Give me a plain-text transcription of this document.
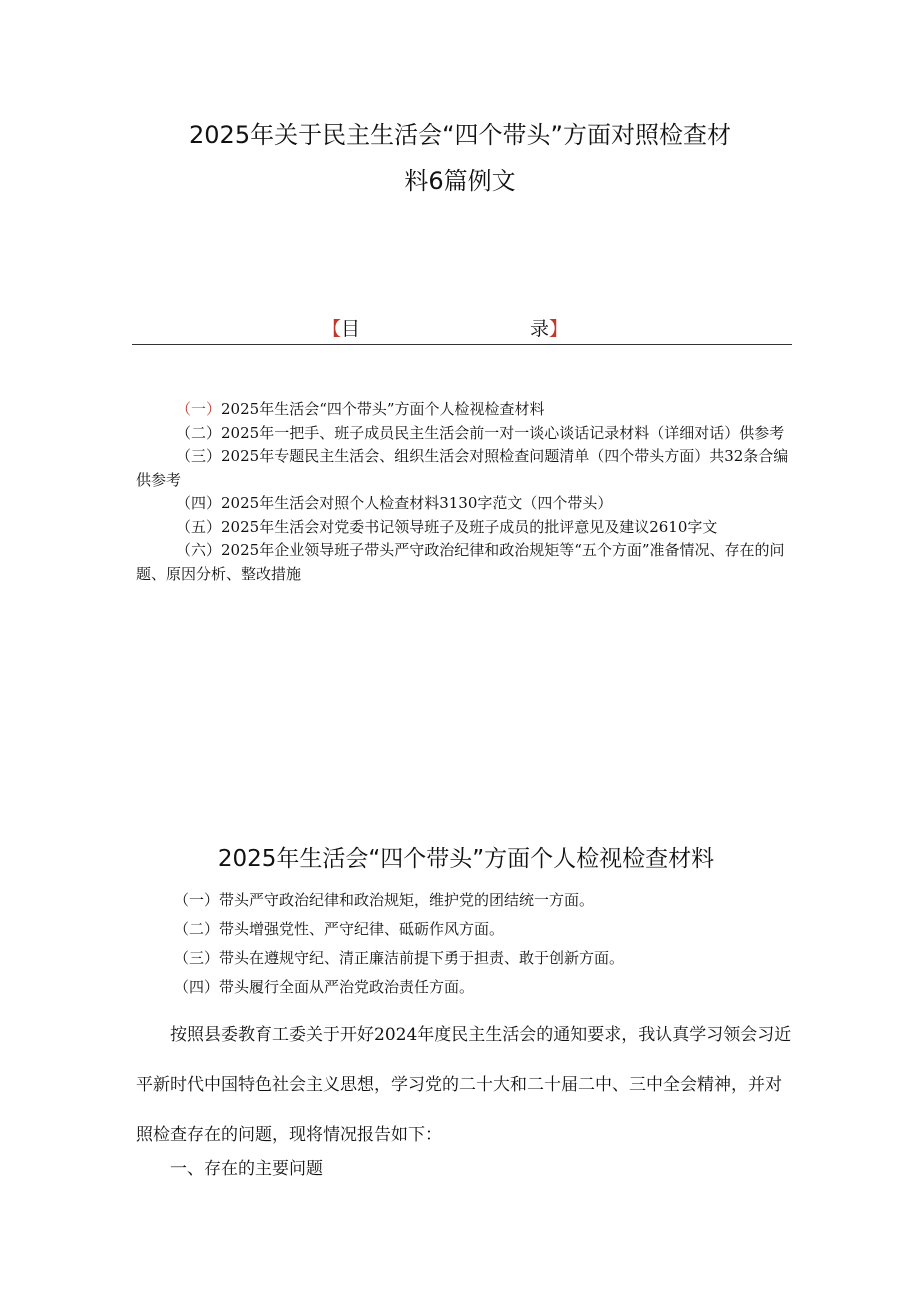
2025年关于民主生活会“四个带头”方面对照检查材
料6篇例文
【目	录】

（一）2025年生活会“四个带头”方面个人检视检查材料

（二）2025年一把手、班子成员民主生活会前一对一谈心谈话记录材料（详细对话）供参考

（三）2025年专题民主生活会、组织生活会对照检查问题清单（四个带头方面）共32条合编供参考

（四）2025年生活会对照个人检查材料3130字范文（四个带头）

（五）2025年生活会对党委书记领导班子及班子成员的批评意见及建议2610字文

（六）2025年企业领导班子带头严守政治纪律和政治规矩等“五个方面”准备情况、存在的问题、原因分析、整改措施

2025年生活会“四个带头”方面个人检视检查材料

（一）带头严守政治纪律和政治规矩，维护党的团结统一方面。

（二）带头增强党性、严守纪律、砥砺作风方面。

（三）带头在遵规守纪、清正廉洁前提下勇于担责、敢于创新方面。

（四）带头履行全面从严治党政治责任方面。

按照县委教育工委关于开好2024年度民主生活会的通知要求，我认真学习领会习近平新时代中国特色社会主义思想，学习党的二十大和二十届二中、三中全会精神，并对照检查存在的问题，现将情况报告如下：

一、存在的主要问题
